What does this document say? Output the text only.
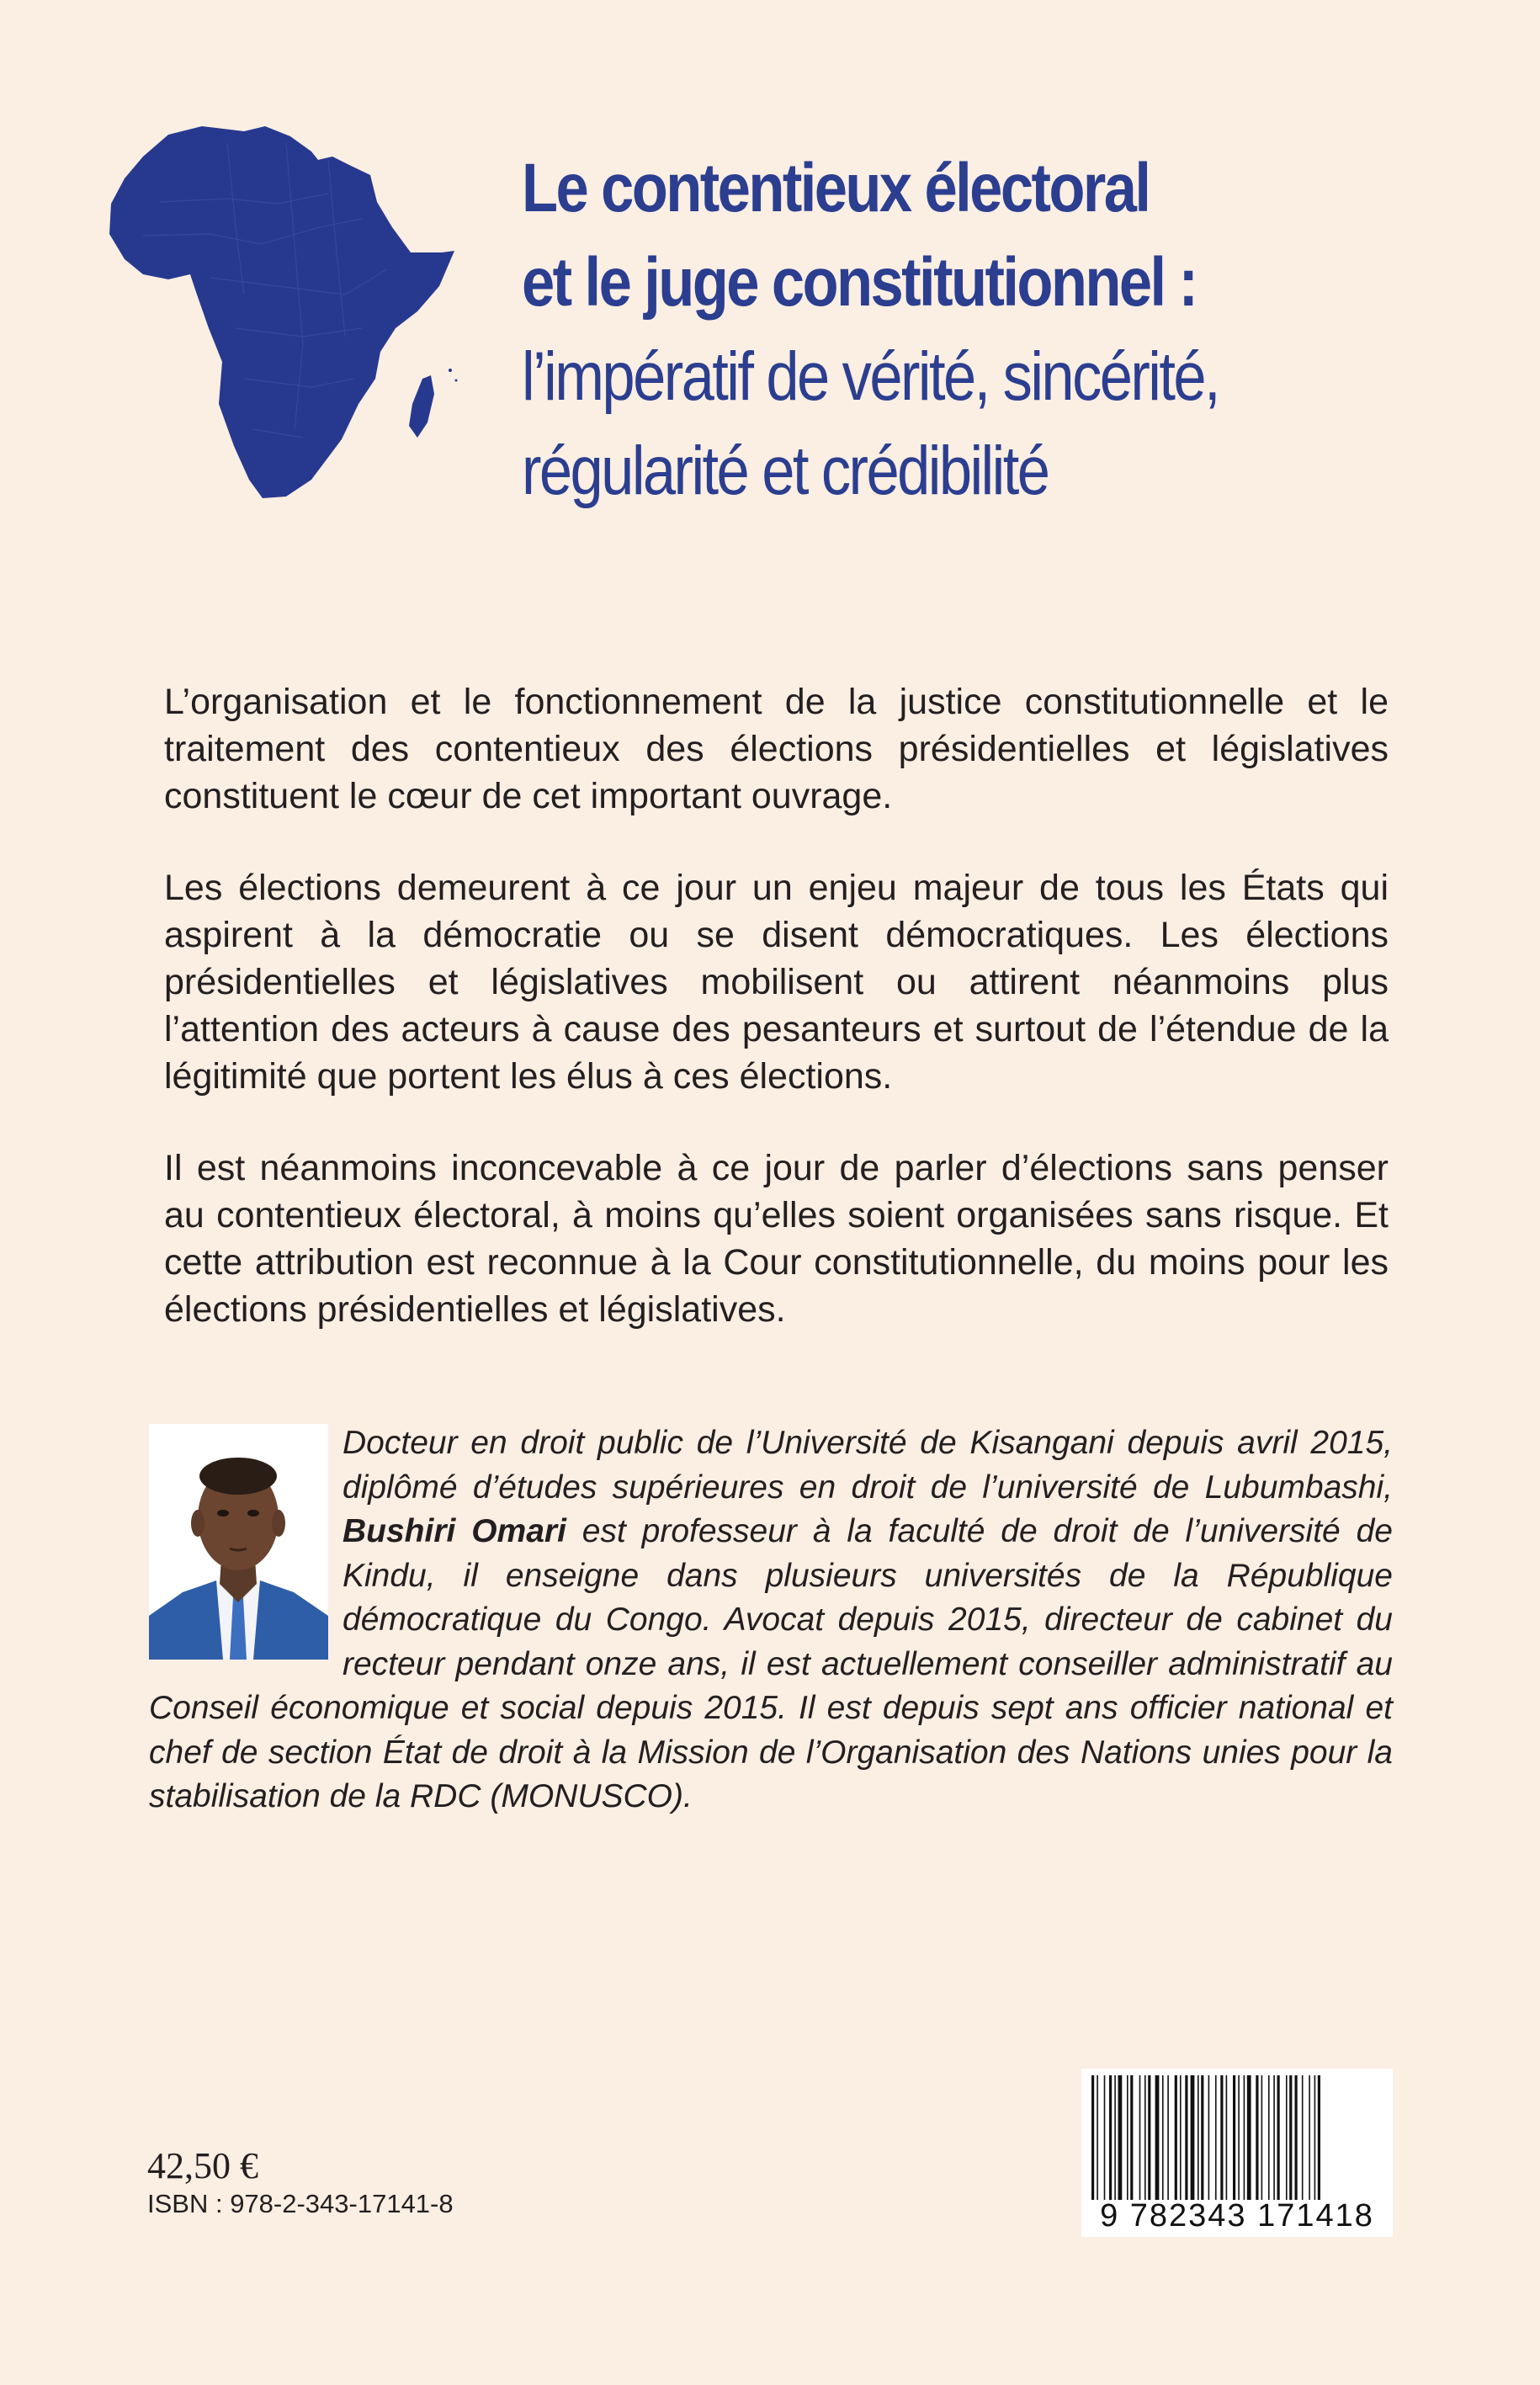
Le contentieux électoral
et le juge constitutionnel :
l’impératif de vérité, sincérité,
régularité et crédibilité

L’organisation et le fonctionnement de la justice constitutionnelle et le traitement des contentieux des élections présidentielles et législatives constituent le cœur de cet important ouvrage.

Les élections demeurent à ce jour un enjeu majeur de tous les États qui aspirent à la démocratie ou se disent démocratiques. Les élections présidentielles et législatives mobilisent ou attirent néanmoins plus l’attention des acteurs à cause des pesanteurs et surtout de l’étendue de la légitimité que portent les élus à ces élections.

Il est néanmoins inconcevable à ce jour de parler d’élections sans penser au contentieux électoral, à moins qu’elles soient organisées sans risque. Et cette attribution est reconnue à la Cour constitutionnelle, du moins pour les élections présidentielles et législatives.

Docteur en droit public de l’Université de Kisangani depuis avril 2015, diplômé d’études supérieures en droit de l’université de Lubumbashi, Bushiri Omari est professeur à la faculté de droit de l’université de Kindu, il enseigne dans plusieurs universités de la République démocratique du Congo. Avocat depuis 2015, directeur de cabinet du recteur pendant onze ans, il est actuellement conseiller administratif au Conseil économique et social depuis 2015. Il est depuis sept ans officier national et chef de section État de droit à la Mission de l’Organisation des Nations unies pour la stabilisation de la RDC (MONUSCO).

42,50 €
ISBN : 978-2-343-17141-8	9 782343 171418
